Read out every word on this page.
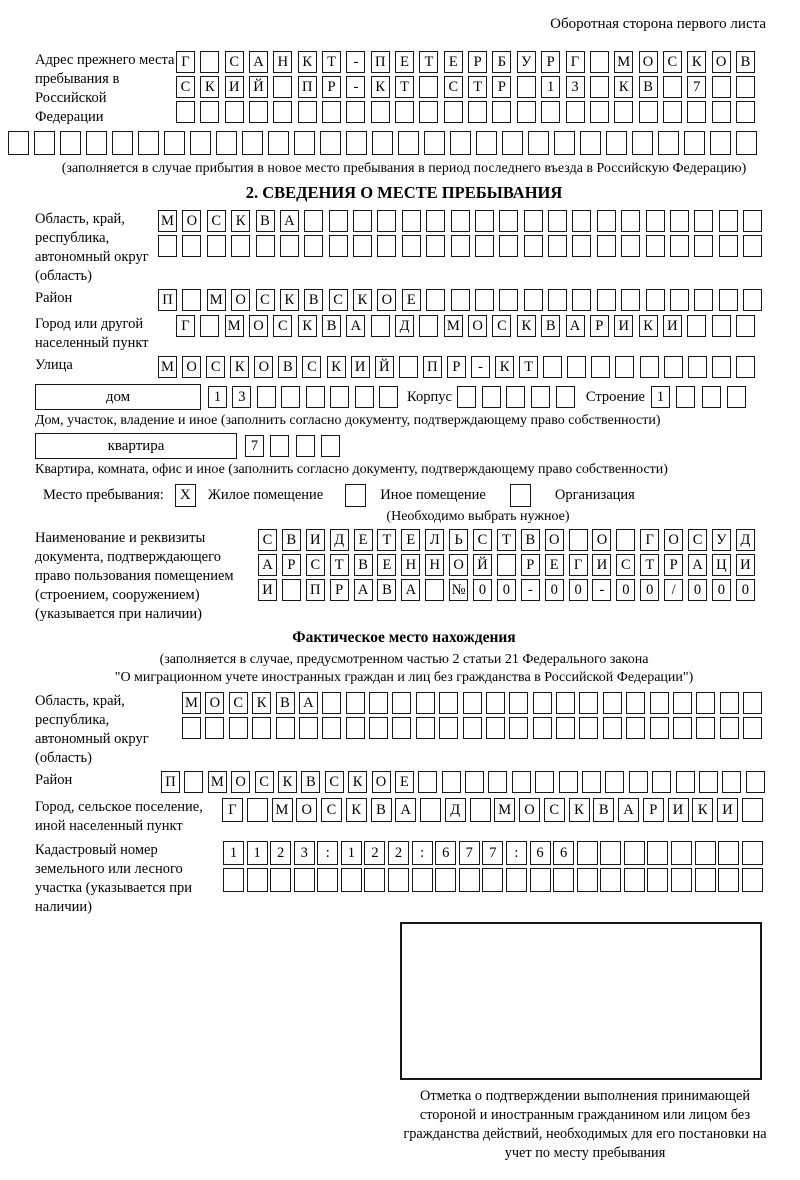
Оборотная сторона первого листа
Адрес прежнего места пребывания в Российской Федерации
Г	С А Н К	Т	-	П	Е	Т	Е	Р	Б	У	Р	Г	М О С	К О В
С	К И Й	П	Р	-	К	Т	С	Т	Р	1	3	К	В	7
(заполняется в случае прибытия в новое место пребывания в период последнего въезда в Российскую Федерацию)
2. СВЕДЕНИЯ О МЕСТЕ ПРЕБЫВАНИЯ
Область, край, республика, автономный округ (область)
М О С	К	В А
Район	П	М О С	К	В	С	К О	Е
Город или другой населенный пункт
Г	М О С	К	В А	Д	М О С	К	В А	Р	И К И
Улица	М О С К О В С К И Й	П	Р	-	К	Т
дом	1	3	Корпус	Строение 1
Дом, участок, владение и иное (заполнить согласно документу, подтверждающему право собственности)
квартира	7
Квартира, комната, офис и иное (заполнить согласно документу, подтверждающему право собственности)
Место пребывания:	X	Жилое помещение	Иное помещение	Организация
(Необходимо выбрать нужное)
Наименование и реквизиты документа, подтверждающего право пользования помещением (строением, сооружением) (указывается при наличии)
С В И Д	Е	Т	Е	Л	Ь	С	Т	В О	О	Г О С У Д
А	Р	С	Т	В	Е Н Н О Й	Р	Е	Г И С	Т	Р	А Ц И
И	П	Р	А В А № 0	0	-	0	0	-	0	0	/	0	0	0
Фактическое место нахождения
(заполняется в случае, предусмотренном частью 2 статьи 21 Федерального закона
"О миграционном учете иностранных граждан и лиц без гражданства в Российской Федерации")
Область, край, республика, автономный округ (область)
М О С К В А
Район	П М О С К В С К О Е
Город, сельское поселение, иной населенный пункт
Г	М О	С	К	В	А	Д	М О	С	К	В	А	Р	И	К	И
Кадастровый номер земельного или лесного участка (указывается при наличии)
1	1	2	3	:	1	2	2	:	6	7	7	:	6	6
Отметка о подтверждении выполнения принимающей стороной и иностранным гражданином или лицом без гражданства действий, необходимых для его постановки на учет по месту пребывания
